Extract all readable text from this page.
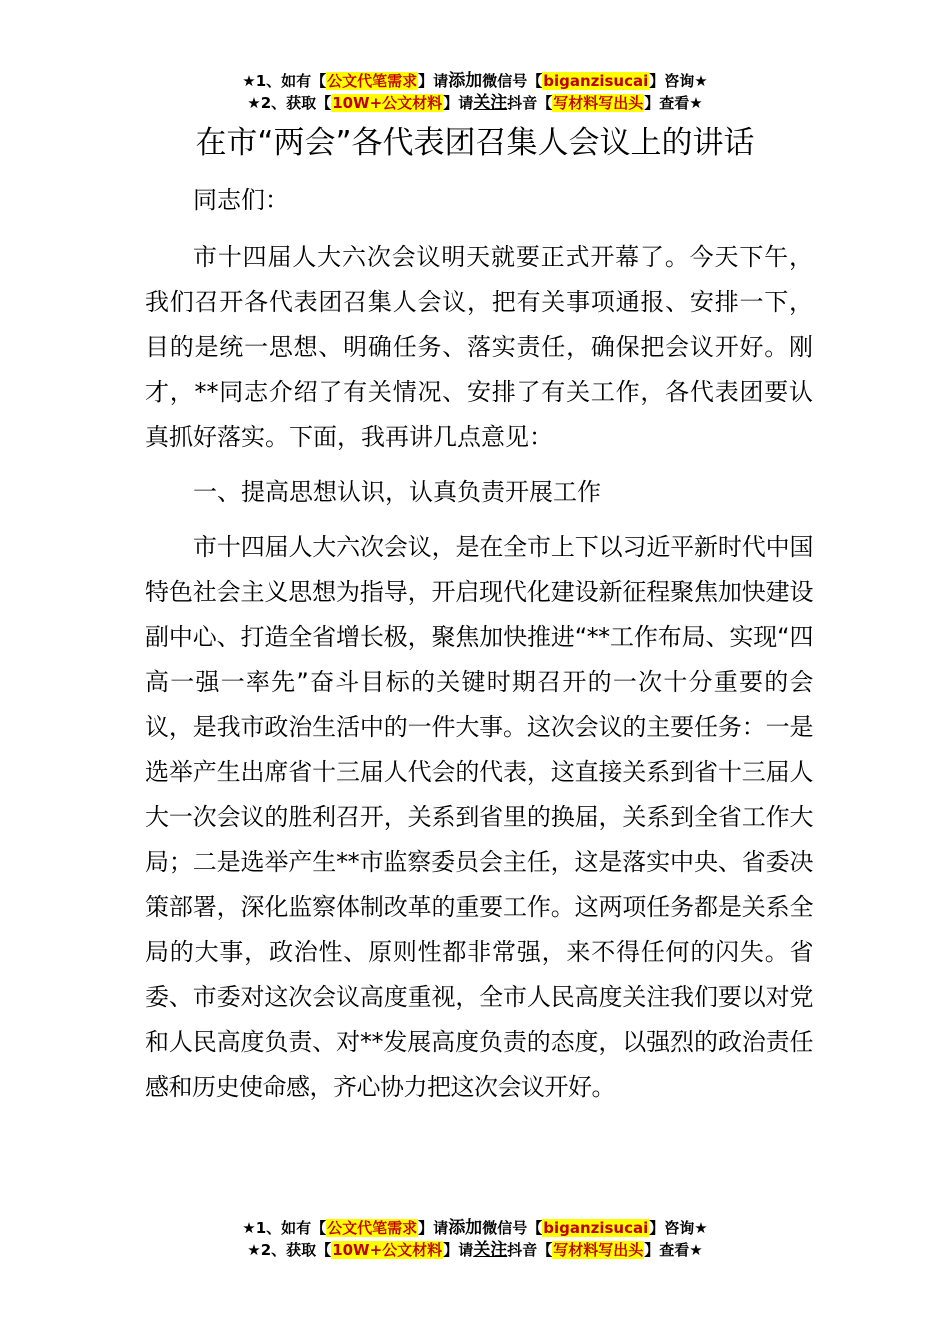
★1、如有【公文代笔需求】请添加微信号【biganzisucai】咨询★
★2、获取【10W+公文材料】请关注抖音【写材料写出头】查看★
在市“两会”各代表团召集人会议上的讲话

同志们：

市十四届人大六次会议明天就要正式开幕了。今天下午，我们召开各代表团召集人会议，把有关事项通报、安排一下，目的是统一思想、明确任务、落实责任，确保把会议开好。刚才，**同志介绍了有关情况、安排了有关工作，各代表团要认真抓好落实。下面，我再讲几点意见：

一、提高思想认识，认真负责开展工作

市十四届人大六次会议，是在全市上下以习近平新时代中国特色社会主义思想为指导，开启现代化建设新征程聚焦加快建设副中心、打造全省增长极，聚焦加快推进“**工作布局、实现“四高一强一率先”奋斗目标的关键时期召开的一次十分重要的会议，是我市政治生活中的一件大事。这次会议的主要任务：一是选举产生出席省十三届人代会的代表，这直接关系到省十三届人大一次会议的胜利召开，关系到省里的换届，关系到全省工作大局；二是选举产生**市监察委员会主任，这是落实中央、省委决策部署，深化监察体制改革的重要工作。这两项任务都是关系全局的大事，政治性、原则性都非常强，来不得任何的闪失。省委、市委对这次会议高度重视，全市人民高度关注我们要以对党和人民高度负责、对**发展高度负责的态度，以强烈的政治责任感和历史使命感，齐心协力把这次会议开好。

★1、如有【公文代笔需求】请添加微信号【biganzisucai】咨询★
★2、获取【10W+公文材料】请关注抖音【写材料写出头】查看★
